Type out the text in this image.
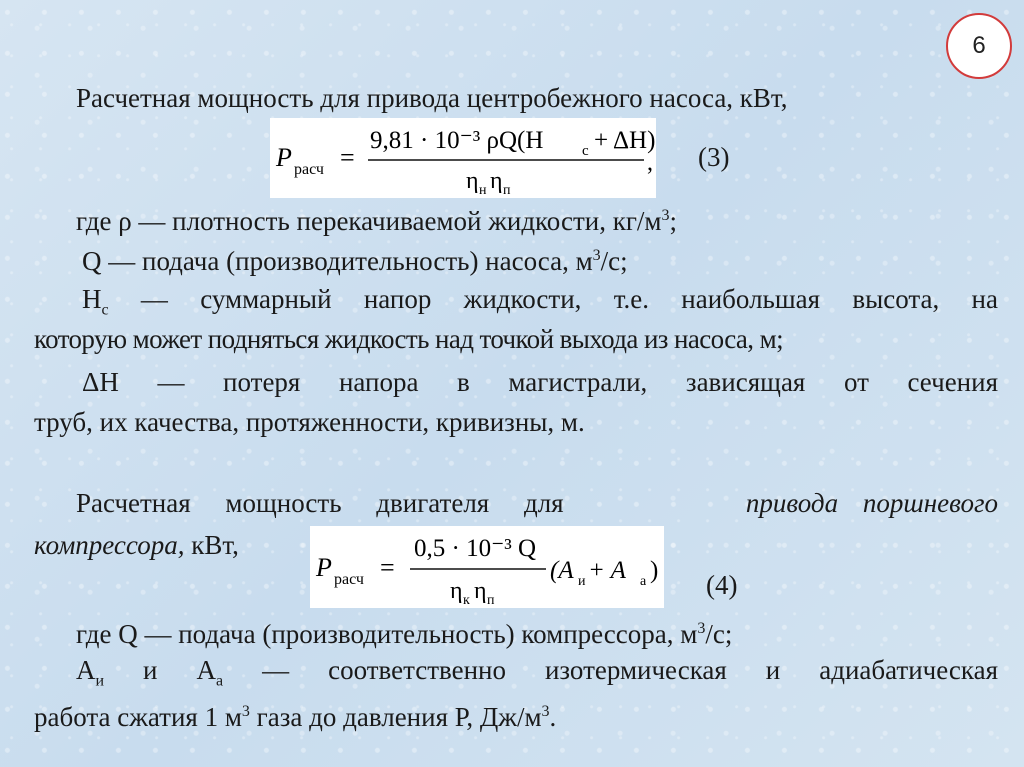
6
Расчетная мощность для привода центробежного насоса, кВт,
P расч =
9,81 · 10⁻³ ρQ(H	с + ΔH)
η н η п
, (3)
где ρ — плотность перекачиваемой жидкости, $кг/м^3$;
Q — подача (производительность) насоса, $м^3/с$;
$H_с$ — суммарный напор жидкости, т.е. наибольшая высота, на
которую может подняться жидкость над точкой выхода из насоса, м;
ΔH — потеря напора в магистрали, зависящая от сечения
труб, их качества, протяженности, кривизны, м.
Расчетная мощность двигателя для	привода поршневого
компрессора, кВт,
P расч =
0,5 · 10⁻³ Q
η к η п
(A и + A а ) (4)
где Q — подача (производительность) компрессора, $м^3/с$;
$A_и$ и $A_а$ — соответственно изотермическая и адиабатическая
работа сжатия 1 $м^3$ газа до давления Р, $Дж/м^3$.
